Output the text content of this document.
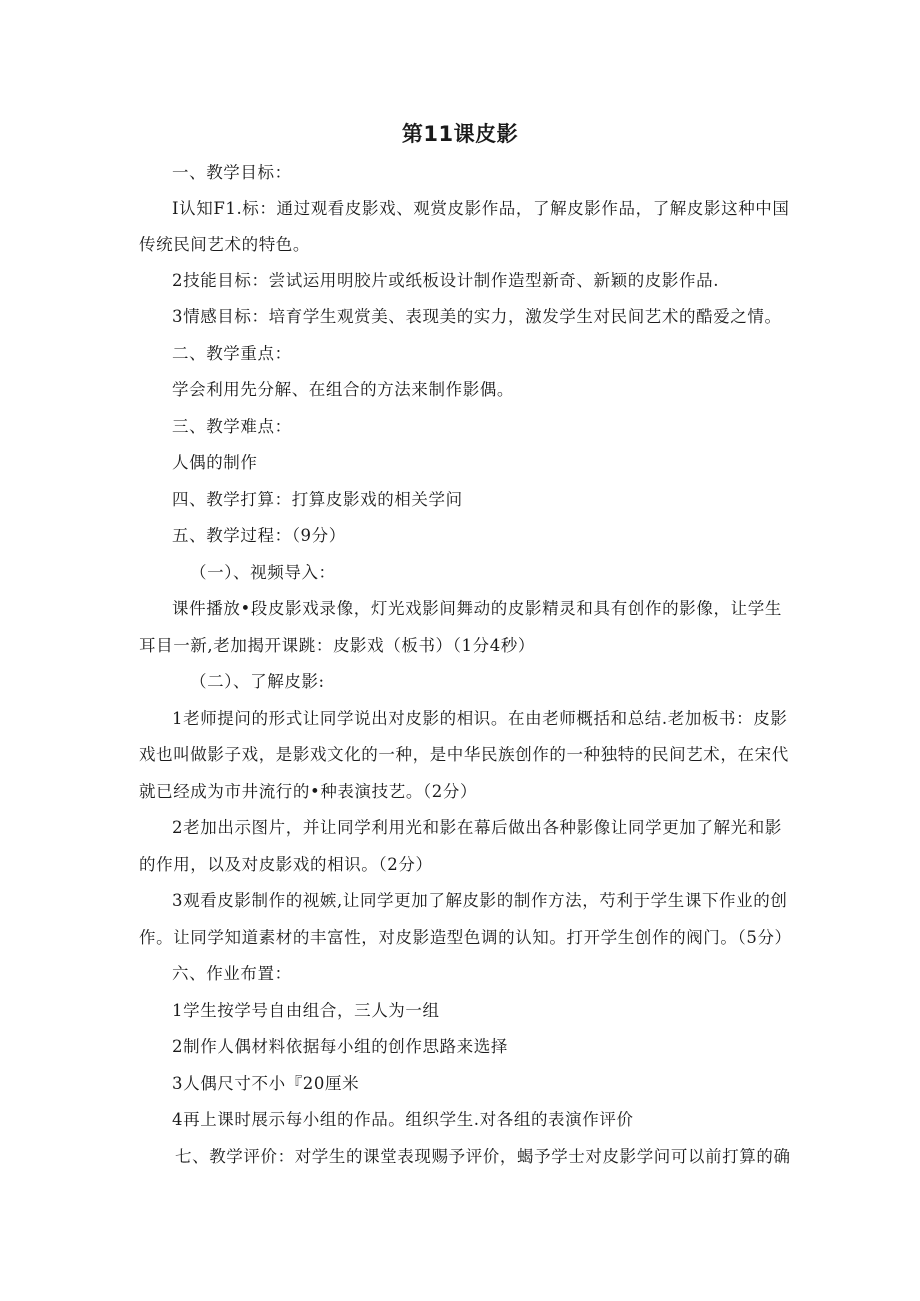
第11课皮影
一、教学目标：
I认知F1.标：通过观看皮影戏、观赏皮影作品，了解皮影作品，了解皮影这种中国
传统民间艺术的特色。
2技能目标：尝试运用明胶片或纸板设计制作造型新奇、新颖的皮影作品.
3情感目标：培育学生观赏美、表现美的实力，激发学生对民间艺术的酷爱之情。
二、教学重点：
学会利用先分解、在组合的方法来制作影偶。
三、教学难点：
人偶的制作
四、教学打算：打算皮影戏的相关学问
五、教学过程：（9分）
（一）、视频导入：
课件播放•段皮影戏录像，灯光戏影间舞动的皮影精灵和具有创作的影像，让学生
耳目一新,老加揭开课跳：皮影戏（板书）（1分4秒）
（二）、了解皮影:
1老师提问的形式让同学说出对皮影的相识。在由老师概括和总结.老加板书：皮影
戏也叫做影子戏，是影戏文化的一种，是中华民族创作的一种独特的民间艺术，在宋代
就已经成为市井流行的•种表演技艺。（2分）
2老加出示图片，并让同学利用光和影在幕后做出各种影像让同学更加了解光和影
的作用，以及对皮影戏的相识。（2分）
3观看皮影制作的视嫉,让同学更加了解皮影的制作方法，芍利于学生课下作业的创
作。让同学知道素材的丰富性，对皮影造型色调的认知。打开学生创作的阀门。（5分）
六、作业布置：
1学生按学号自由组合，三人为一组
2制作人偶材料依据每小组的创作思路来选择
3人偶尺寸不小『20厘米
4再上课时展示每小组的作品。组织学生.对各组的表演作评价
七、教学评价：对学生的课堂表现赐予评价，蝎予学士对皮影学问可以前打算的确
